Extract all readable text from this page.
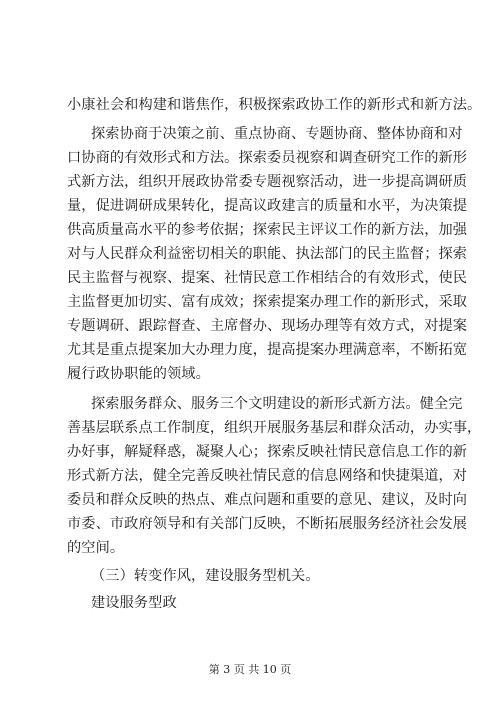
小康社会和构建和谐焦作，积极探索政协工作的新形式和新方法。
探索协商于决策之前、重点协商、专题协商、整体协商和对
口协商的有效形式和方法。探索委员视察和调查研究工作的新形
式新方法，组织开展政协常委专题视察活动，进一步提高调研质
量，促进调研成果转化，提高议政建言的质量和水平，为决策提
供高质量高水平的参考依据；探索民主评议工作的新方法，加强
对与人民群众利益密切相关的职能、执法部门的民主监督；探索
民主监督与视察、提案、社情民意工作相结合的有效形式，使民
主监督更加切实、富有成效；探索提案办理工作的新形式，采取
专题调研、跟踪督查、主席督办、现场办理等有效方式，对提案
尤其是重点提案加大办理力度，提高提案办理满意率，不断拓宽
履行政协职能的领域。
探索服务群众、服务三个文明建设的新形式新方法。健全完
善基层联系点工作制度，组织开展服务基层和群众活动，办实事，
办好事，解疑释惑，凝聚人心；探索反映社情民意信息工作的新
形式新方法，健全完善反映社情民意的信息网络和快捷渠道，对
委员和群众反映的热点、难点问题和重要的意见、建议，及时向
市委、市政府领导和有关部门反映，不断拓展服务经济社会发展
的空间。
（三）转变作风，建设服务型机关。
建设服务型政
第 3 页 共 10 页
